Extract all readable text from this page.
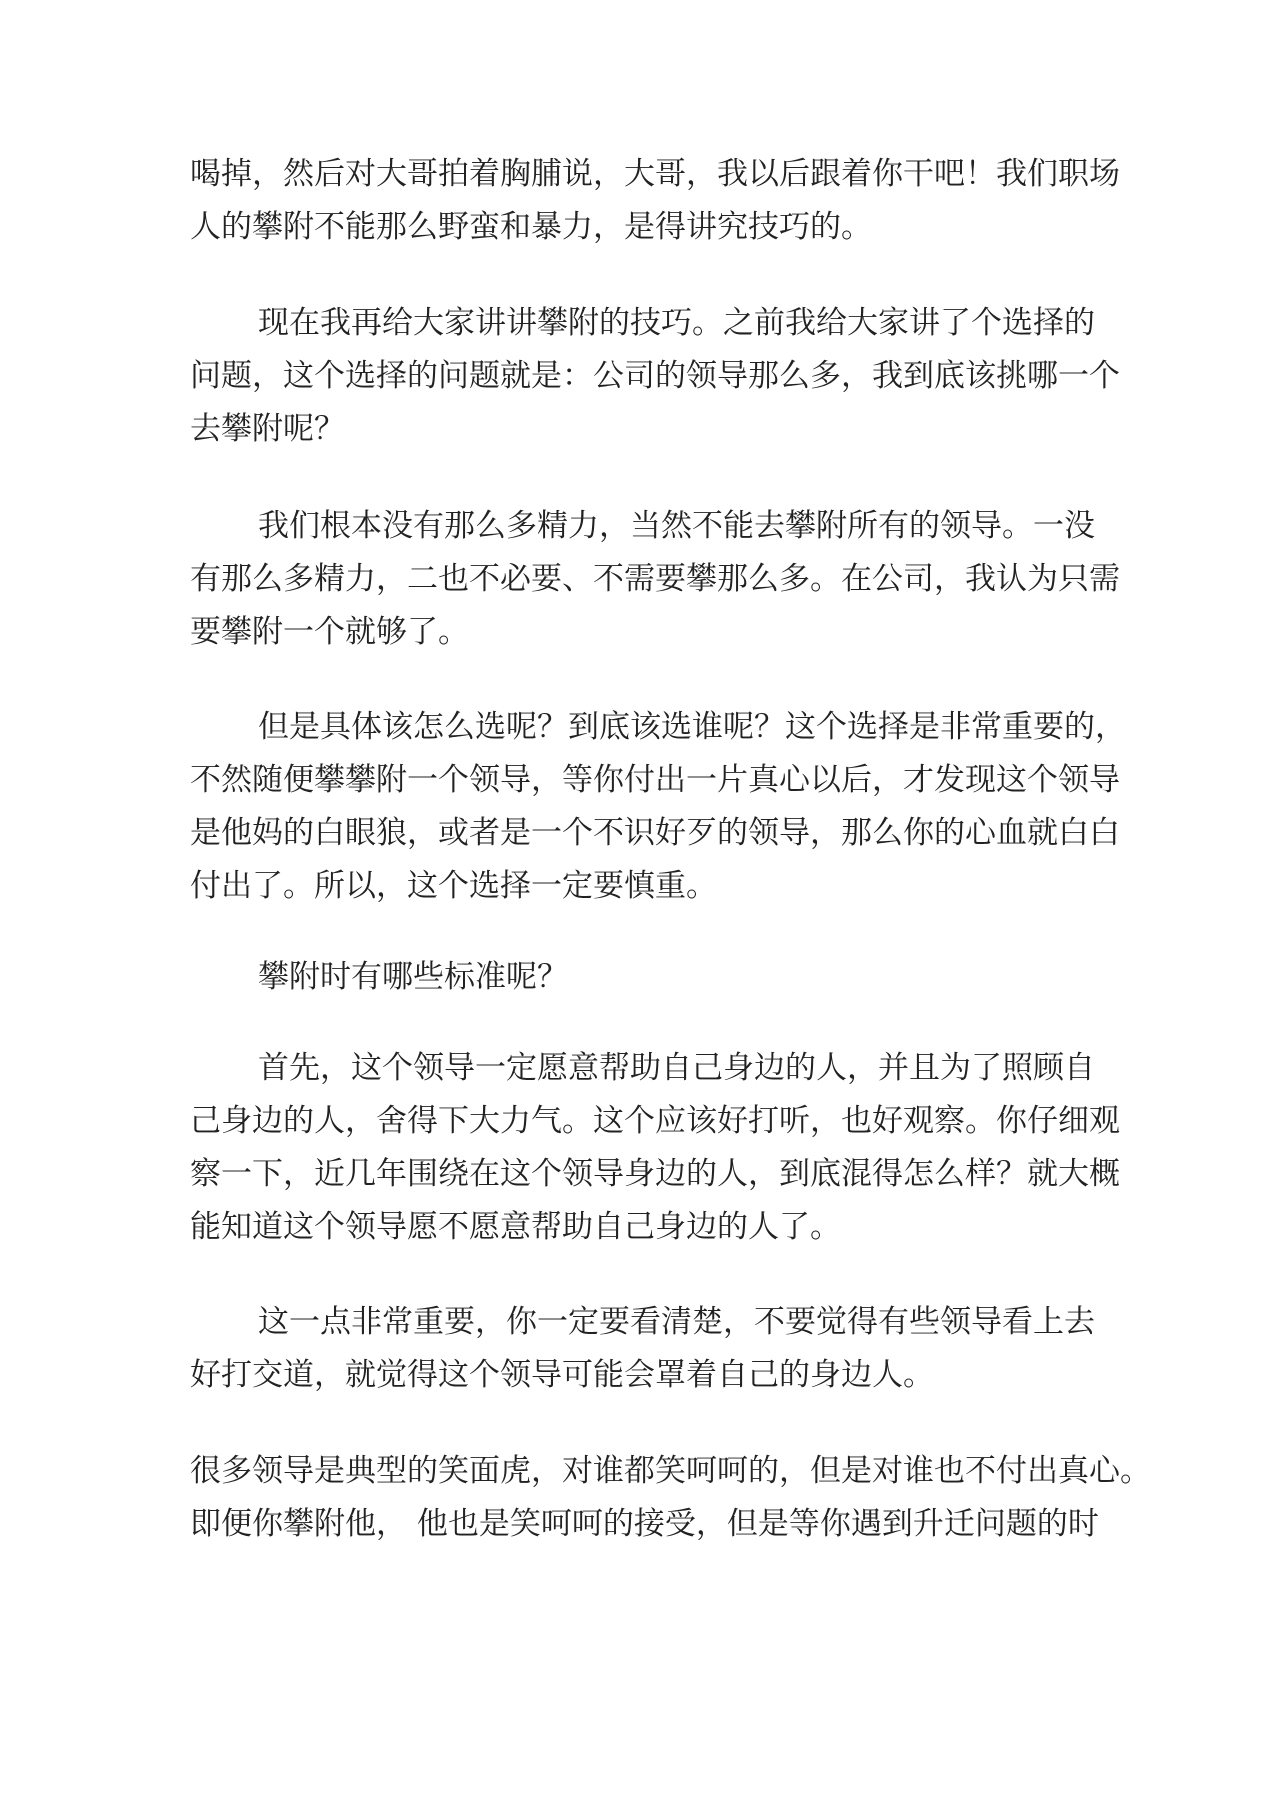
喝掉，然后对大哥拍着胸脯说，大哥，我以后跟着你干吧！我们职场
人的攀附不能那么野蛮和暴力，是得讲究技巧的。
现在我再给大家讲讲攀附的技巧。之前我给大家讲了个选择的
问题，这个选择的问题就是：公司的领导那么多，我到底该挑哪一个
去攀附呢？
我们根本没有那么多精力，当然不能去攀附所有的领导。一没
有那么多精力，二也不必要、不需要攀那么多。在公司，我认为只需
要攀附一个就够了。
但是具体该怎么选呢？到底该选谁呢？这个选择是非常重要的，
不然随便攀攀附一个领导，等你付出一片真心以后，才发现这个领导
是他妈的白眼狼，或者是一个不识好歹的领导，那么你的心血就白白
付出了。所以，这个选择一定要慎重。
攀附时有哪些标准呢？
首先，这个领导一定愿意帮助自己身边的人，并且为了照顾自
己身边的人，舍得下大力气。这个应该好打听，也好观察。你仔细观
察一下，近几年围绕在这个领导身边的人，到底混得怎么样？就大概
能知道这个领导愿不愿意帮助自己身边的人了。
这一点非常重要，你一定要看清楚，不要觉得有些领导看上去
好打交道，就觉得这个领导可能会罩着自己的身边人。
很多领导是典型的笑面虎，对谁都笑呵呵的，但是对谁也不付出真心。
即便你攀附他， 他也是笑呵呵的接受，但是等你遇到升迁问题的时
